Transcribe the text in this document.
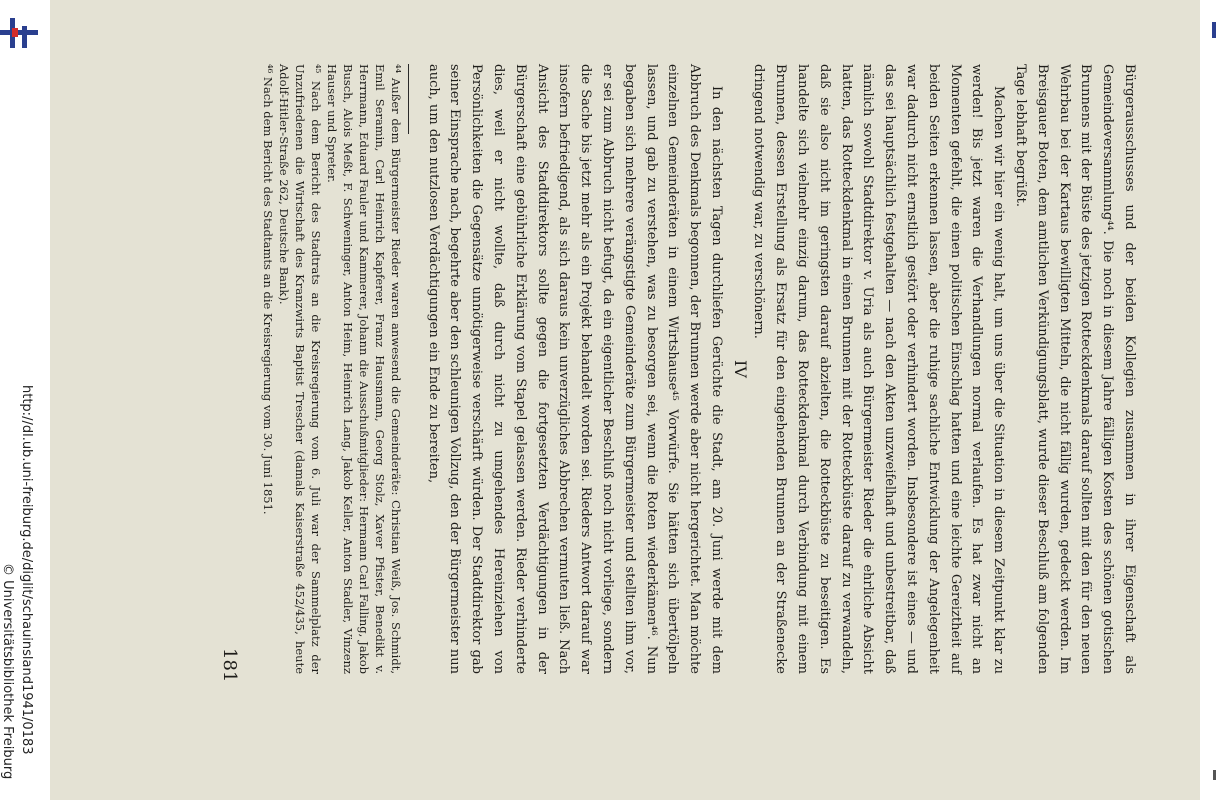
http://dl.ub.uni-freiburg.de/diglit/schauinsland1941/0183
© Universitätsbibliothek Freiburg	Bürgerausschusses und der beiden Kollegien zusammen in ihrer Eigenschaft als Gemeindeversammlung⁴⁴. Die noch in diesem Jahre fälligen Kosten des schönen gotischen Brunnens mit der Büste des jetzigen Rotteckdenkmals darauf sollten mit den für den neuen Wehrbau bei der Kartaus bewilligten Mitteln, die nicht fällig wurden, gedeckt werden. Im Breisgauer Boten, dem amtlichen Verkündigungsblatt, wurde dieser Beschluß am folgenden Tage lebhaft begrüßt.

Machen wir hier ein wenig halt, um uns über die Situation in diesem Zeitpunkt klar zu werden! Bis jetzt waren die Verhandlungen normal verlaufen. Es hat zwar nicht an Momenten gefehlt, die einen politischen Einschlag hatten und eine leichte Gereiztheit auf beiden Seiten erkennen lassen, aber die ruhige sachliche Entwicklung der Angelegenheit war dadurch nicht ernstlich gestört oder verhindert worden. Insbesondere ist eines — und das sei hauptsächlich festgehalten — nach den Akten unzweifelhaft und unbestreitbar, daß nämlich sowohl Stadtdirektor v. Uria als auch Bürgermeister Rieder die ehrliche Absicht hatten, das Rotteckdenkmal in einen Brunnen mit der Rotteckbüste darauf zu verwandeln, daß sie also nicht im geringsten darauf abzielten, die Rotteckbüste zu beseitigen. Es handelte sich vielmehr einzig darum, das Rotteckdenkmal durch Verbindung mit einem Brunnen, dessen Erstellung als Ersatz für den eingehenden Brunnen an der Straßenecke dringend notwendig war, zu verschönern.

IV

In den nächsten Tagen durchliefen Gerüchte die Stadt, am 20. Juni werde mit dem Abbruch des Denkmals begonnen, der Brunnen werde aber nicht hergerichtet. Man möchte einzelnen Gemeinderäten in einem Wirtshause⁴⁵ Vorwürfe. Sie hätten sich übertölpeln lassen, und gab zu verstehen, was zu besorgen sei, wenn die Roten wiederkämen⁴⁶. Nun begaben sich mehrere verängstigte Gemeinderäte zum Bürgermeister und stellten ihm vor, er sei zum Abbruch nicht befugt, da ein eigentlicher Beschluß noch nicht vorliege, sondern die Sache bis jetzt mehr als ein Projekt behandelt worden sei. Rieders Antwort darauf war insofern befriedigend, als sich daraus kein unverzügliches Abbrechen vermuten ließ. Nach Ansicht des Stadtdirektors sollte gegen die fortgesetzten Verdächtigungen in der Bürgerschaft eine gebührliche Erklärung vom Stapel gelassen werden. Rieder verhinderte dies, weil er nicht wollte, daß durch nicht zu umgehendes Hereinziehen von Persönlichkeiten die Gegensätze unnötigerweise verschärft würden. Der Stadtdirektor gab seiner Einsprache nach, begehrte aber den schleunigen Vollzug, den der Bürgermeister nun auch, um den nutzlosen Verdächtigungen ein Ende zu bereiten,

⁴⁴ Außer dem Bürgermeister Rieder waren anwesend die Gemeinderäte: Christian Weiß, Jos. Schmidt, Emil Seramin, Carl Heinrich Kapferer, Franz Hausmann, Georg Stolz, Xaver Pfister, Benedikt v. Herrmann, Eduard Fauler und Kammerer, Johann die Ausschußmitglieder: Hermann Carl Falling, Jakob Busch, Alois Meßt, F. Schweninger, Anton Heim, Heinrich Lang, Jakob Keller, Anton Stadler, Vinzenz Hauser und Spreter.

⁴⁵ Nach dem Bericht des Stadtrats an die Kreisregierung vom 6. Juli war der Sammelplatz der Unzufriedenen die Wirtschaft des Kranzwirts Baptist Trescher (damals Kaiserstraße 452/435, heute Adolf-Hitler-Straße 262, Deutsche Bank).

⁴⁶ Nach dem Bericht des Stadtamts an die Kreisregierung vom 30. Juni 1851.

181
